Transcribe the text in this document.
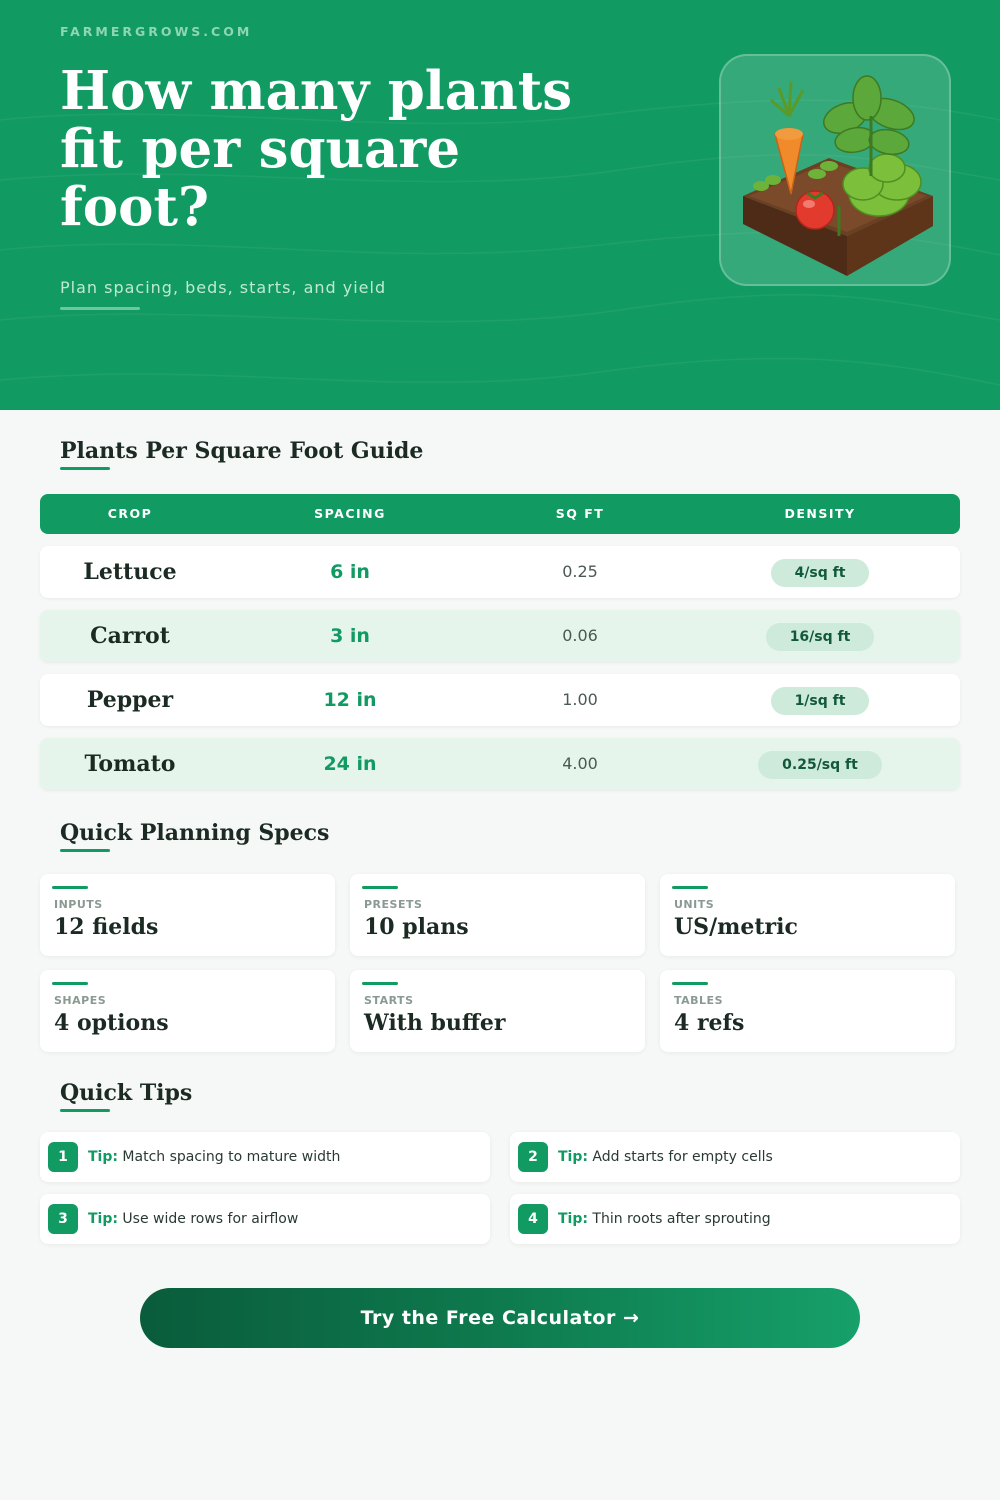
FARMERGROWS.COM
How many plants fit per square foot?
Plan spacing, beds, starts, and yield
Plants Per Square Foot Guide
CROP	SPACING	SQ FT	DENSITY
Lettuce	6 in	0.25	4/sq ft
Carrot	3 in	0.06	16/sq ft
Pepper	12 in	1.00	1/sq ft
Tomato	24 in	4.00	0.25/sq ft
Quick Planning Specs
INPUTS
12 fields
PRESETS
10 plans
UNITS
US/metric
SHAPES
4 options
STARTS
With buffer
TABLES
4 refs
Quick Tips
1	Tip: Match spacing to mature width	2	Tip: Add starts for empty cells
3	Tip: Use wide rows for airflow	4	Tip: Thin roots after sprouting
Try the Free Calculator →
